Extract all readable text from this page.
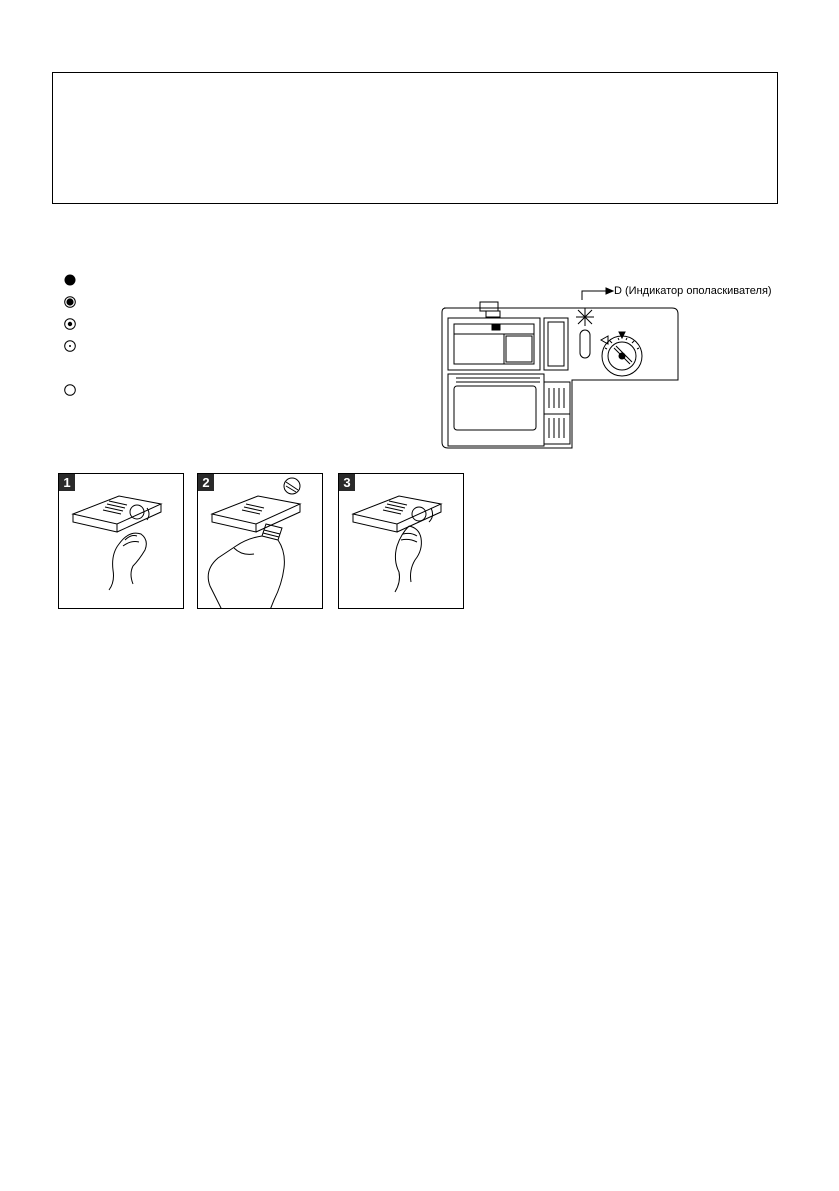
D (Индикатор ополаскивателя)
1	2	3
